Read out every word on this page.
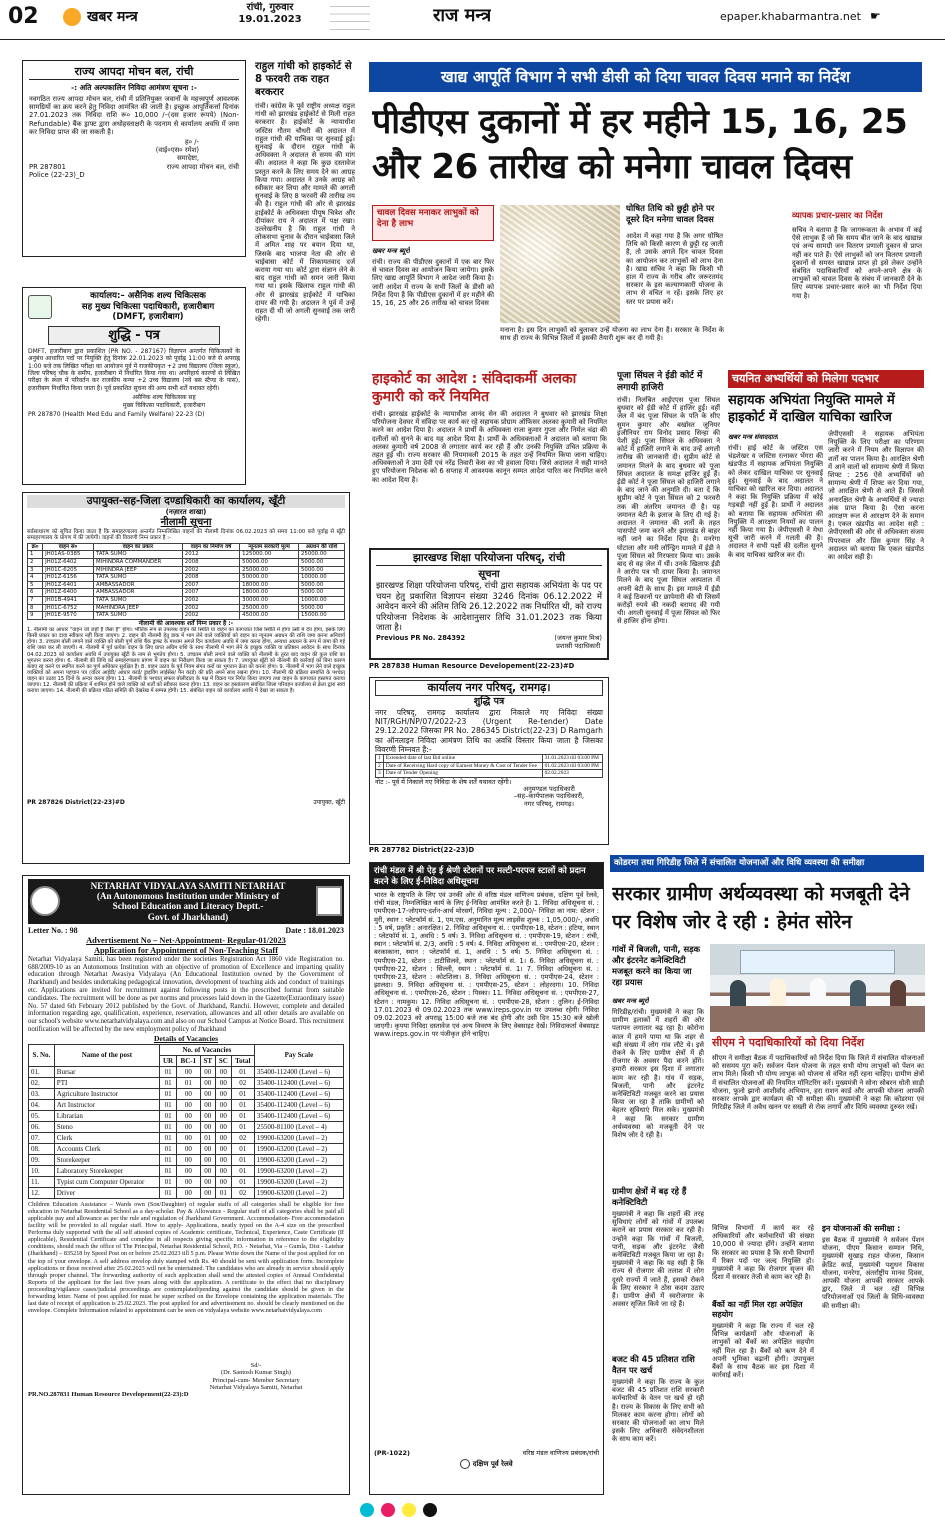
02	खबर मन्त्र
रांची, गुरुवार
19.01.2023	राज मन्त्र	epaper.khabarmantra.net ☛
राज्य आपदा मोचन बल, रांची
-: अति अल्पकालिन निविदा आमंत्रण सूचना :-
नवगठित राज्य आपदा मोचन बल, रांची में प्रतिनियुक्त जवानों के महत्त्वपूर्ण आवश्यक सामग्रियों का क्रय करने हेतु निविदा आमंत्रित की जाती है। इच्छुक आपूर्तिकर्त्ता दिनांक 27.01.2023 तक निविदा राशि रू० 10,000 /–(दस हजार रूपये) (Non-Refundable) बैंक ड्राफ्ट द्वारा अधोहस्ताक्षरी के पदनाम से कार्यालय अवधि में जमा कर निविदा प्राप्त की जा सकती है।
ह० /-
(वाई०एस० रमेश)
समादेष्टा,
PR 287801
Police (22-23)_D
राज्य आपदा मोचन बल, रांची
कार्यालय:– असैनिक शल्य चिकित्सक
सह मुख्य चिकित्सा पदाधिकारी, हजारीबाग
(DMFT, हजारीबाग)
शुद्धि - पत्र
DMFT, हजारीबाग द्वारा प्रकाशित (PR NO. - 287167) विज्ञापन अन्तर्गत चिकित्सकों के अनुबंध आधारित पदों पर नियुक्ति हेतु दिनांक 22.01.2023 को पूर्वाह्न 11:00 बजे से अपराह्न 1:00 बजे तक लिखित परीक्षा का आयोजन पूर्व में राजकीयकृत +2 उच्च विद्यालय (जिला स्कूल), जिला परिषद् चौक के समीप, हजारीबाग में निर्धारित किया गया था। अपरिहार्य कारणों से लिखित परीक्षा के स्थल में परिवर्तन कर राजकीय कन्या +2 उच्च विद्यालय (नये बस स्टैण्ड के पास), हजारीबाग निर्धारित किया जाता है। पूर्व प्रकाशित सूचना की अन्य सभी शर्तें यथावत रहेंगी।
असैनिक शल्य चिकित्सक सह
मुख्य चिकित्सा पदाधिकारी, हजारीबाग
PR 287870 (Health Med Edu and Family Welfare) 22-23 (D)
उपायुक्त-सह-जिला दण्डाधिकारी का कार्यालय, खूँटी
(नज़ारत शाखा)
नीलामी सूचना
सर्वसाधारण को सूचित किया जाता है कि समाहरणालय अन्तर्गत निम्नलिखित वाहनों की नीलामी दिनांक 06.02.2023 को समय 11:00 बजे पूर्वाह्न से खूँटी समाहरणालय के प्रांगण में की जायेगी। वाहनों की विवरणी निम्न प्रकार है :-
क्र०	वाहन सं०	वाहन का प्रकार	वाहन का निर्माण वर्ष	न्यूनतम सरकारी मूल्य	अग्रधन की राशि
1	JH01AS-0385	TATA SUMO	2012	125000.00	25000.00
2	JH01Z-6402	MIHINDRA COMMANDER	2008	50000.00	5000.00
3	JH01C-6205	MIHINDRA JEEP	2002	25000.00	5000.00
4	JH01Z-6156	TATA SUMO	2008	50000.00	10000.00
5	JH01Z-6401	AMBASSADOR	2007	18000.00	5000.00
6	JH01Z-6400	AMBASSADOR	2007	18000.00	5000.00
7	JH01B-4941	TATA SUMO	2002	30000.00	10000.00
8	JH01C-6752	MAHINDRA JEEP	2002	25000.00	5000.00
9	JH01E-9570	TATA SUMO	2002	45000.00	15000.00
नीलामी की आवश्यक शर्तें निम्न प्रकार है :-
1. नीलामी का आधार "वाहन जो जहाँ है जैसा है" होगा। भौतिक रूप से उपलब्ध वाहन की स्थिति या वाहन का कागजात जिस स्थिति में होगा उसी में देय होगा, इसके लिए किसी प्रकार का दावा स्वीकार नहीं किया जाएगा। 2. वाहन की नीलामी हेतु डाक में भाग लेने वाले व्यक्तियों को वाहन का न्यूनतम अग्रधन की राशि जमा करना अनिवार्य होगा। 3. उच्चतम बोली लगाने वाले व्यक्ति को बोली पूर्ण राशि बैंक ड्राफ्ट के माध्यम अगले दिन कार्यालय अवधि में जमा करना होगा, अन्यथा अग्रधन के रूप में जमा की गई राशि जब्त कर ली जाएगी। 4. नीलामी में पूर्व प्रत्येक वाहन के लिए प्राप्त अग्रिम राशि के साथ नीलामी में भाग लेने के इच्छुक व्यक्ति या प्रतिष्ठान आवेदन के साथ दिनांक 04.02.2023 को कार्यालय अवधि में उपायुक्त खूँटी के नाम से भुगतेय होगा। 5. उच्चतम बोली लगाने वाले व्यक्ति को नीलामी के तुरंत बाद वाहन की कुल राशि का भुगतान करना होगा। 6. नीलामी की तिथि को समाहरणालय प्रांगण में वाहन का निरीक्षण किया जा सकता है। 7. उपायुक्त खूँटी को नीलामी की कार्रवाई को बिना कारण बताए रद्द करने या स्थगित करने का पूर्ण अधिकार सुरक्षित है। 8. वाहन उठाव के पूर्व नियम संगत करों का भुगतान क्रेता को करना होगा। 9. नीलामी में भाग लेने वाले इच्छुक व्यक्तियों को अपना पहचान पत्र (वोटर आईडी/ आधार कार्ड/ ड्राइविंग लाईसेंस/ पैन कार्ड) की प्रति अपने साथ रखना होगा। 10. नीलामी की प्रक्रिया समाप्ति के पश्चात् वाहन का उठाव 15 दिनों के अन्दर करना होगा। 11. नीलामी के पश्चात् सफल बोलीदाता के पक्ष में विक्रय पत्र निर्गत किया जाएगा तथा वाहन के कागजात हस्तगत कराया जाएगा। 12. नीलामी की प्रक्रिया में शामिल होने वाले व्यक्ति को शर्तों को स्वीकार करना होगा। 13. वाहन का हस्तांतरण संबंधित जिला परिवहन कार्यालय से क्रेता द्वारा स्वयं कराया जाएगा। 14. नीलामी की प्रक्रिया गठित समिति की देखरेख में सम्पन्न होगी। 15. संबंधित वाहन को कार्यालय अवधि में देखा जा सकता है।
PR 287826 District(22-23)#D	उपायुक्त, खूँटी
NETARHAT VIDYALAYA SAMITI NETARHAT
(An Autonomous Institution under Ministry of
School Education and Literacy Deptt.-
Govt. of Jharkhand)
Letter No. : 98	Date : 18.01.2023
Advertisement No – Net-Appointment- Regular-01/2023
Application for Appointment of Non-Teaching Staff
Netarhat Vidyalaya Samiti, has been registered under the societies Registration Act 1860 vide Registration no. 688/2009-10 as an Autonomous Institution with an objective of promotion of Excellence and imparting quality education through Netarhat Awasiya Vidyalaya (An Educational Institution owned by the Government of Jharkhand) and besides undertaking pedagogical innovation, development of teaching aids and conduct of trainings etc. Applications are invited for recruitment against following posts in the prescribed format from suitable candidates. The recruitment will be done as per norms and processes laid down in the Gazette(Extraordinary issue) No. 57 dated 6th February 2012 published by the Govt. of Jharkhand, Ranchi. However, complete and detailed information regarding age, qualification, experience, reservation, allowances and all other details are available on our school's website www.netarhatvidyalaya.com and also on our School Campus at Notice Board. This recruitment notification will be affected by the new employment policy of Jharkhand
Details of Vacancies
S. No.	Name of the post	No. of Vacancies					Pay Scale
		UR	BC-1	ST	SC	Total	
01.	Bursar	01	00	00	00	01	35400-112400 (Level – 6)
02.	PTI	01	01	00	00	02	35400-112400 (Level – 6)
03.	Agriculture Instructor	01	00	00	00	01	35400-112400 (Level – 6)
04.	Art Instructor	01	00	00	00	01	35400-112400 (Level – 6)
05.	Librarian	01	00	00	00	01	35400-112400 (Level – 6)
06.	Steno	01	00	00	00	01	25500-81100 (Level – 4)
07.	Clerk	01	00	01	00	02	19900-63200 (Level – 2)
08.	Accounts Clerk	01	00	00	00	01	19900-63200 (Level – 2)
09.	Storekeeper	01	00	00	00	01	19900-63200 (Level – 2)
10.	Laboratory Storekeeper	01	00	00	00	01	19900-63200 (Level – 2)
11.	Typist cum Computer Operator	01	00	00	00	01	19900-63200 (Level – 2)
12.	Driver	01	00	00	01	02	19900-63200 (Level – 2)
Children Education Assistance – Wards own (Son/Daughter) of regular staffs of all categories shall be eligible for free education in Netarhat Residential School as a day-scholar. Pay & Allowance - Regular staff of all categories shall be paid all applicable pay and allowance as per the rule and regulation of Jharkhand Government. Accommodation- Free accommodation facility will be provided to all regular staff. How to apply- Applications, neatly typed on the A-4 size on the prescribed Performa duly supported with the all self attested copies of Academic certificate, Technical, Experience, Caste Certificate (If applicable), Residential Certificate and complete in all respects giving specific information in reference to the eligibility conditions, should reach the office of The Principal, Netarhat Residential School, P.O. - Netarhat, Via – Gumla, Dist - Latehar (Jharkhand) – 835218 by Speed Post on or before 25.02.2023 till 5 p.m. Please Write down the Name of the post applied for on the top of your envelope. A self address envelop duly stamped with Rs. 40 should be sent with application form. Incomplete applications or those received after 25.02.2023 will not be entertained. The candidates who are already in service should apply through proper channel. The forwarding authority of such application shall send the attested copies of Annual Confidential Reports of the applicant for the last five years along with the application. A certificate to the effect that no disciplinary proceeding/vigilance cases/judicial proceedings are contemplated/pending against the candidate should be given in the forwarding letter. Name of post applied for must be super scribed on the Envelope containing the application materials. The last date of receipt of application is 25.02.2023. The post applied for and advertisement no. should be clearly mentioned on the envelope. Complete Information related to appointment can be seen on vidyalaya website www.netarhatvidyalaya.com
Sd/-
(Dr. Santosh Kumar Singh)
Principal-cum- Member Secretary
Netarhat Vidyalaya Samiti, Netarhat
PR.NO.287831 Human Resource Developement(22-23):D
राहुल गांधी को हाइकोर्ट से 8 फरवरी तक राहत बरकरार
रांची। कांग्रेस के पूर्व राष्ट्रीय अध्यक्ष राहुल गांधी को झारखंड हाईकोर्ट से मिली राहत बरकरार है। हाईकोर्ट के न्यायाधीश जस्टिस गौतम चौधरी की अदालत में राहुल गांधी की याचिका पर सुनवाई हुई। सुनवाई के दौरान राहुल गांधी के अधिवक्ता ने अदालत से समय की मांग की। अदालत ने कहा कि कुछ दस्तावेज प्रस्तुत करने के लिए समय देने का आग्रह किया गया। अदालत ने उनके आग्रह को स्वीकार कर लिया और मामले की अगली सुनवाई के लिए 8 फरवरी की तारीख तय की है। राहुल गांधी की ओर से झारखंड हाईकोर्ट के अधिवक्ता पीयूष चित्रेश और दीपांकर राय ने अदालत में पक्ष रखा। उल्लेखनीय है कि राहुल गांधी ने लोकसभा चुनाव के दौरान चाईबासा जिले में अमित शाह पर बयान दिया था, जिसके बाद भाजपा नेता की ओर से चाईबासा कोर्ट में शिकायतवाद दर्ज कराया गया था। कोर्ट द्वारा संज्ञान लेने के बाद राहुल गांधी को समन जारी किया गया था। इसके खिलाफ राहुल गांधी की ओर से झारखंड हाईकोर्ट में याचिका दायर की गयी है। अदालत ने पूर्व में उन्हें राहत दी थी जो अगली सुनवाई तक जारी रहेगी।
खाद्य आपूर्ति विभाग ने सभी डीसी को दिया चावल दिवस मनाने का निर्देश
पीडीएस दुकानों में हर महीने 15, 16, 25 और 26 तारीख को मनेगा चावल दिवस
चावल दिवस मनाकर लाभुकों को देना है लाभ
खबर मन्त्र ब्यूरो
रांची। राज्य की पीडीएस दुकानों में एक बार फिर से चावल दिवस का आयोजन किया जायेगा। इसके लिए खाद्य आपूर्ति विभाग ने आदेश जारी किया है। जारी आदेश में राज्य के सभी जिलों के डीसी को निर्देश दिया है कि पीडीएस दुकानों में हर महीने की 15, 16, 25 और 26 तारीख को चावल दिवस
मनाना है। इस दिन लाभुकों को बुलाकर उन्हें योजना का लाभ देना है। सरकार के निर्देश के साथ ही राज्य के विभिन्न जिलों में इसकी तैयारी शुरू कर दी गयी है।
घोषित तिथि को छुट्टी होने पर दूसरे दिन मनेगा चावल दिवस
आदेश में कहा गया है कि अगर घोषित तिथि को किसी कारण से छुट्टी रह जाती है, तो उसके अगले दिन चावल दिवस का आयोजन कर लाभुकों को लाभ देना है। खाद्य सचिव ने कहा कि किसी भी हाल में राज्य के गरीब और जरूरतमंद सरकार के इस कल्याणकारी योजना के लाभ से वंचित न रहें। इसके लिए हर स्तर पर प्रयास करें।
व्यापक प्रचार-प्रसार का निर्देश
सचिव ने बताया है कि जागरूकता के अभाव में कई ऐसे लाभुक हैं जो कि समय बीत जाने के बाद खाद्यान्न एवं अन्य सामग्री जन वितरण प्रणाली दुकान से प्राप्त नहीं कर पाते हैं। ऐसे लाभुकों को जन वितरण प्रणाली दुकानों से समस्त खाद्यान्न प्राप्त हो इसे लेकर उन्होंने संबंधित पदाधिकारियों को अपने-अपने क्षेत्र के लाभुकों को चावल दिवस के संबंध में जानकारी देने के लिए व्यापक प्रचार-प्रसार करने का भी निर्देश दिया गया है।
हाइकोर्ट का आदेश : संविदाकर्मी अलका कुमारी को करें नियमित
रांची। झारखंड हाईकोर्ट के न्यायाधीश आनंद सेन की अदालत ने बुधवार को झारखंड शिक्षा परियोजना देवघर में संविदा पर कार्य कर रहे सहायक प्रोग्राम ऑफिसर अलका कुमारी को नियमित करने का आदेश दिया है। अदालत ने प्रार्थी के अधिवक्ता राजा कुमार गुप्ता और निर्मल चंद्रा की दलीलों को सुनने के बाद यह आदेश दिया है। प्रार्थी के अधिवक्ताओं ने अदालत को बताया कि अलका कुमारी वर्ष 2008 से लगातार कार्य कर रही हैं और उनकी नियुक्ति उचित प्रक्रिया के तहत हुई थी। राज्य सरकार की नियमावली 2015 के तहत उन्हें नियमित किया जाना चाहिए। अधिवक्ताओं ने उमा देवी एवं नरेंद्र तिवारी केस का भी हवाला दिया। जिसे अदालत ने सही मानते हुए परियोजना निदेशक को 6 सप्ताह में आवश्यक कानून सम्मत आदेश पारित कर नियमित करने का आदेश दिया है।
पूजा सिंघल ने ईडी कोर्ट में लगायी हाजिरी
रांची। निलंबित आईएएस पूजा सिंघल बुधवार को ईडी कोर्ट में हाजिर हुईं। वहीं जेल में बंद पूजा सिंघल के पति के सीए सुमन कुमार और बर्खास्त जूनियर इंजीनियर राम विनोद प्रसाद सिन्हा की पेशी हुई। पूजा सिंघल के अधिवक्ता ने कोर्ट में हाजिरी लगाने के बाद उन्हें अगली तारीख की जानकारी दी। सुप्रीम कोर्ट से जमानत मिलने के बाद बुधवार को पूजा सिंघल अदालत के समक्ष हाजिर हुईं हैं। ईडी कोर्ट ने पूजा सिंघल को हाजिरी लगाने के बाद जाने की अनुमति दी। बता दें कि सुप्रीम कोर्ट ने पूजा सिंघल को 2 फरवरी तक की अंतरिम जमानत दी है। यह जमानत बेटी के इलाज के लिए दी गई है। अदालत ने जमानत की शर्तों के तहत पासपोर्ट जमा करने और झारखंड से बाहर नहीं जाने का निर्देश दिया है। मनरेगा घोटाला और मनी लॉन्ड्रिंग मामले में ईडी ने पूजा सिंघल को गिरफ्तार किया था। उसके बाद से वह जेल में थीं। उनके खिलाफ ईडी ने आरोप पत्र भी दायर किया है। जमानत मिलने के बाद पूजा सिंघल अस्पताल में अपनी बेटी के साथ हैं। इस मामले में ईडी ने कई ठिकानों पर छापेमारी की थी जिसमें करोड़ों रुपये की नकदी बरामद की गयी थी। अगली सुनवाई में पूजा सिंघल को फिर से हाजिर होना होगा।
झारखण्ड शिक्षा परियोजना परिषद्, रांची
सूचना
झारखण्ड शिक्षा परियोजना परिषद्, रांची द्वारा सहायक अभियंता के पद पर चयन हेतु प्रकाशित विज्ञापन संख्या 3246 दिनांक 06.12.2022 में आवेदन करने की अंतिम तिथि 26.12.2022 तक निर्धारित थी, को राज्य परियोजना निदेशक के आदेशानुसार तिथि 31.01.2023 तक किया जाता है।
Previous PR No. 284392	(जयन्त कुमार मिश्र)
प्रशासी पदाधिकारी
PR 287838 Human Resource Developement(22-23)#D
कार्यालय नगर परिषद्, रामगढ़।
शुद्धि पत्र
नगर परिषद्, रामगढ़ कार्यालय द्वारा निकाले गए निविदा संख्या NIT/RGH/NP/07/2022-23 (Urgent Re-tender) Date 29.12.2022 जिसका PR No. 286345 District(22-23) D Ramgarh का ऑनलाइन निविदा आमंत्रण तिथि का अवधि विस्तार किया जाता है जिसका विवरणी निम्नवत है:-
1	Extended date of last Bid online	31.01.2023 till 03:00 PM
2	Date of Receiving Hard copy of Earnest Money & Cost of Tender Fee	01.02.2023 till 03:00 PM
3	Date of Tender Opening	02.02.2023
नोट :- पूर्व में निकाले गए निविदा के शेष शर्तें यथावत रहेंगी।
अनुमण्डल पदाधिकारी
–सह–कार्यपालक पदाधिकारी,
नगर परिषद्, रामगढ़।
PR 287782 District(22-23)D
रांची मंडल में श्री ऐड़ ई श्रेणी स्टेशनों पर मल्टी-परपज स्टालों को प्रदान करने के लिए ई-निविदा अधिसूचना
भारत के राष्ट्रपति के लिए एवं उनकी ओर से वरिष्ठ मंडल वाणिज्य प्रबंधक, दक्षिण पूर्व रेलवे, रांची मंडल, निम्नलिखित कार्य के लिए ई-निविदा आमंत्रित करते हैं। 1. निविदा अधिसूचना सं. : एमपीएस-17-जोएमए-दर्शन-आर्थ मोरसर्ग, निविदा मूल्य : 2,000/- निविदा का नाम: स्टेशन : मुरी, स्थान : प्लेटफॉर्म सं. 1, एम.एस. अनुमानित मूल्य लाइसेंस शुल्क : 1,05,000/-, अवधि : 5 वर्ष, प्रकृति : अनारक्षित। 2. निविदा अधिसूचना सं. : एमपीएस-18, स्टेशन : हटिया, स्थान : प्लेटफॉर्म सं. 1, अवधि : 5 वर्ष। 3. निविदा अधिसूचना सं. : एमपीएस-19, स्टेशन : रांची, स्थान : प्लेटफॉर्म सं. 2/3, अवधि : 5 वर्ष। 4. निविदा अधिसूचना सं. : एमपीएस-20, स्टेशन : बरकाकाना, स्थान : प्लेटफॉर्म सं. 1, अवधि : 5 वर्ष। 5. निविदा अधिसूचना सं. : एमपीएस-21, स्टेशन : टाटीसिलवे, स्थान : प्लेटफॉर्म सं. 1। 6. निविदा अधिसूचना सं. : एमपीएस-22, स्टेशन : सिल्ली, स्थान : प्लेटफॉर्म सं. 1। 7. निविदा अधिसूचना सं. : एमपीएस-23, स्टेशन : कोटशिला। 8. निविदा अधिसूचना सं. : एमपीएस-24, स्टेशन : झालदा। 9. निविदा अधिसूचना सं. : एमपीएस-25, स्टेशन : लोहरदगा। 10. निविदा अधिसूचना सं. : एमपीएस-26, स्टेशन : पिस्का। 11. निविदा अधिसूचना सं. : एमपीएस-27, स्टेशन : नामकुम। 12. निविदा अधिसूचना सं. : एमपीएस-28, स्टेशन : तुलिन। ई-निविदा 17.01.2023 से 09.02.2023 तक www.ireps.gov.in पर उपलब्ध रहेगी। निविदा 09.02.2023 को अपराह्न 15:00 बजे तक बंद होगी और उसी दिन 15:30 बजे खोली जाएगी। कृपया निविदा दस्तावेज एवं अन्य विवरण के लिए वेबसाइट देखें। निविदाकर्ता वेबसाइट www.ireps.gov.in पर पंजीकृत होने चाहिए।
(PR-1022)	वरिष्ठ मंडल वाणिज्य प्रबंधक/रांची
दक्षिण पूर्व रेलवे
चयनित अभ्यर्थियों को मिलेगा पदभार
सहायक अभियंता नियुक्ति मामले में हाइकोर्ट में दाखिल याचिका खारिज
खबर मन्त्र संवाददाता
रांची। हाई कोर्ट के जस्टिस एस चंद्रशेखर व जस्टिस रत्नाकर भेंगरा की खंडपीठ में सहायक अभियंता नियुक्ति को लेकर दाखिल याचिका पर सुनवाई हुई। सुनवाई के बाद अदालत ने याचिका को खारिज कर दिया। अदालत ने कहा कि नियुक्ति प्रक्रिया में कोई गड़बड़ी नहीं हुई है। प्रार्थी ने अदालत को बताया कि सहायक अभियंता की नियुक्ति में आरक्षण नियमों का पालन नहीं किया गया है। जेपीएससी ने मेधा सूची जारी करने में गलती की है। अदालत ने सभी पक्षों की दलील सुनने के बाद याचिका खारिज कर दी।
जेपीएससी ने सहायक अभियंता नियुक्ति के लिए परीक्षा का परिणाम जारी करने में नियम और विज्ञापन की शर्तों का पालन किया है। आरक्षित श्रेणी में आने वालों को सामान्य श्रेणी में किया शिफ्ट : 256 ऐसे अभ्यर्थियों को सामान्य श्रेणी में शिफ्ट कर दिया गया, जो आरक्षित श्रेणी से आते हैं। जिससे अनारक्षित श्रेणी के अभ्यर्थियों से ज्यादा अंक प्राप्त किया है। ऐसा करना आरक्षण रूल से आरक्षण देने के समान है। एकल खंडपीठ का आदेश सही : जेपीएससी की ओर से अधिवक्ता संजय पिपरवाल और प्रिंस कुमार सिंह ने अदालत को बताया कि एकल खंडपीठ का आदेश सही है।
कोडरमा तथा गिरिडीह जिले में संचालित योजनाओं और विधि व्यवस्था की समीक्षा
सरकार ग्रामीण अर्थव्यवस्था को मजबूती देने पर विशेष जोर दे रही : हेमंत सोरेन
गांवों में बिजली, पानी, सड़क और इंटरनेट कनेक्टिविटी मजबूत करने का किया जा रहा प्रयास
खबर मन्त्र ब्यूरो
गिरिडीह/रांची। मुख्यमंत्री ने कहा कि ग्रामीण इलाकों में शहरों की ओर पलायन लगातार बढ़ रहा है। कोरोना काल में हमने पाया था कि शहर से बड़ी संख्या में लोग गांव लौटे थे। इसे रोकने के लिए ग्रामीण क्षेत्रों में ही रोजगार के अवसर पैदा करने होंगे। हमारी सरकार इस दिशा में लगातार काम कर रही है। गांव में सड़क, बिजली, पानी और इंटरनेट कनेक्टिविटी मजबूत करने का प्रयास किया जा रहा है ताकि ग्रामीणों को बेहतर सुविधाएं मिल सके। मुख्यमंत्री ने कहा कि सरकार ग्रामीण अर्थव्यवस्था को मजबूती देने पर विशेष जोर दे रही है।
ग्रामीण क्षेत्रों में बढ़ रहे हैं कनेक्टिविटी
मुख्यमंत्री ने कहा कि शहरों की तरह सुविधाएं लोगों को गांवों में उपलब्ध कराने का प्रयास सरकार कर रही है। उन्होंने कहा कि गांवों में बिजली, पानी, सड़क और इंटरनेट जैसी कनेक्टिविटी मजबूत किया जा रहा है। मुख्यमंत्री ने कहा कि यह सही है कि राज्य से रोजगार की तलाश में लोग दूसरे राज्यों में जाते हैं, इसको रोकने के लिए सरकार ने ठोस कदम उठाए हैं। ग्रामीण क्षेत्रों में स्वरोजगार के अवसर सृजित किये जा रहे हैं।
बजट की 45 प्रतिशत राशि वैतन पर खर्च
मुख्यमंत्री ने कहा कि राज्य के कुल बजट की 45 प्रतिशत राशि सरकारी कर्मचारियों के वेतन पर खर्च हो रही है। राज्य के विकास के लिए सभी को मिलकर काम करना होगा। लोगों को सरकार की योजनाओं का लाभ मिले इसके लिए अधिकारी संवेदनशीलता के साथ काम करें।
सीएम ने पदाधिकारियों को दिया निर्देश
सीएम ने समीक्षा बैठक में पदाधिकारियों को निर्देश दिया कि जिले में संचालित योजनाओं को ससमय पूरा करें। सर्वजन पेंशन योजना के तहत सभी योग्य लाभुकों को पेंशन का लाभ मिले। किसी भी योग्य लाभुक को योजना से वंचित नहीं रहना चाहिए। ग्रामीण क्षेत्रों में संचालित योजनाओं की नियमित मॉनिटरिंग करें। मुख्यमंत्री ने सोना सोबरन धोती साड़ी योजना, फूलो झानो आशीर्वाद अभियान, हरा राशन कार्ड और आपकी योजना आपकी सरकार आपके द्वार कार्यक्रम की भी समीक्षा की। मुख्यमंत्री ने कहा कि कोडरमा एवं गिरिडीह जिले में अवैध खनन पर सख्ती से रोक लगायें और विधि व्यवस्था दुरुस्त रखें।
विभिन्न विभागों में कार्य कर रहे अधिकारियों और कर्मचारियों की संख्या 10,000 से ज्यादा होंगे। उन्होंने बताया कि सरकार का प्रयास है कि सभी विभागों में रिक्त पदों पर जल्द नियुक्ति हो। मुख्यमंत्री ने कहा कि रोजगार सृजन की दिशा में सरकार तेजी से काम कर रही है।
बैंकों का नहीं मिल रहा अपेक्षित सहयोग
मुख्यमंत्री ने कहा कि राज्य में चल रहे विभिन्न कार्यक्रमों और योजनाओं के लाभुकों को बैंकों का अपेक्षित सहयोग नहीं मिल रहा है। बैंकों को ऋण देने में अपनी भूमिका बढ़ानी होगी। उपायुक्त बैंकों के साथ बैठक कर इस दिशा में कार्रवाई करें।
इन योजनाओं की समीक्षा :
इस बैठक में मुख्यमंत्री ने सर्वजन पेंशन योजना, पीएम किसान सम्मान निधि, मुख्यमंत्री सुखाड़ राहत योजना, किसान क्रेडिट कार्ड, मुख्यमंत्री पशुधन विकास योजना, मनरेगा, अंतर्राष्ट्रीय मानव दिवस, आपकी योजना आपकी सरकार आपके द्वार, जिले में चल रही विभिन्न परियोजनाओं एवं जिलों के विधि-व्यवस्था की समीक्षा की।
